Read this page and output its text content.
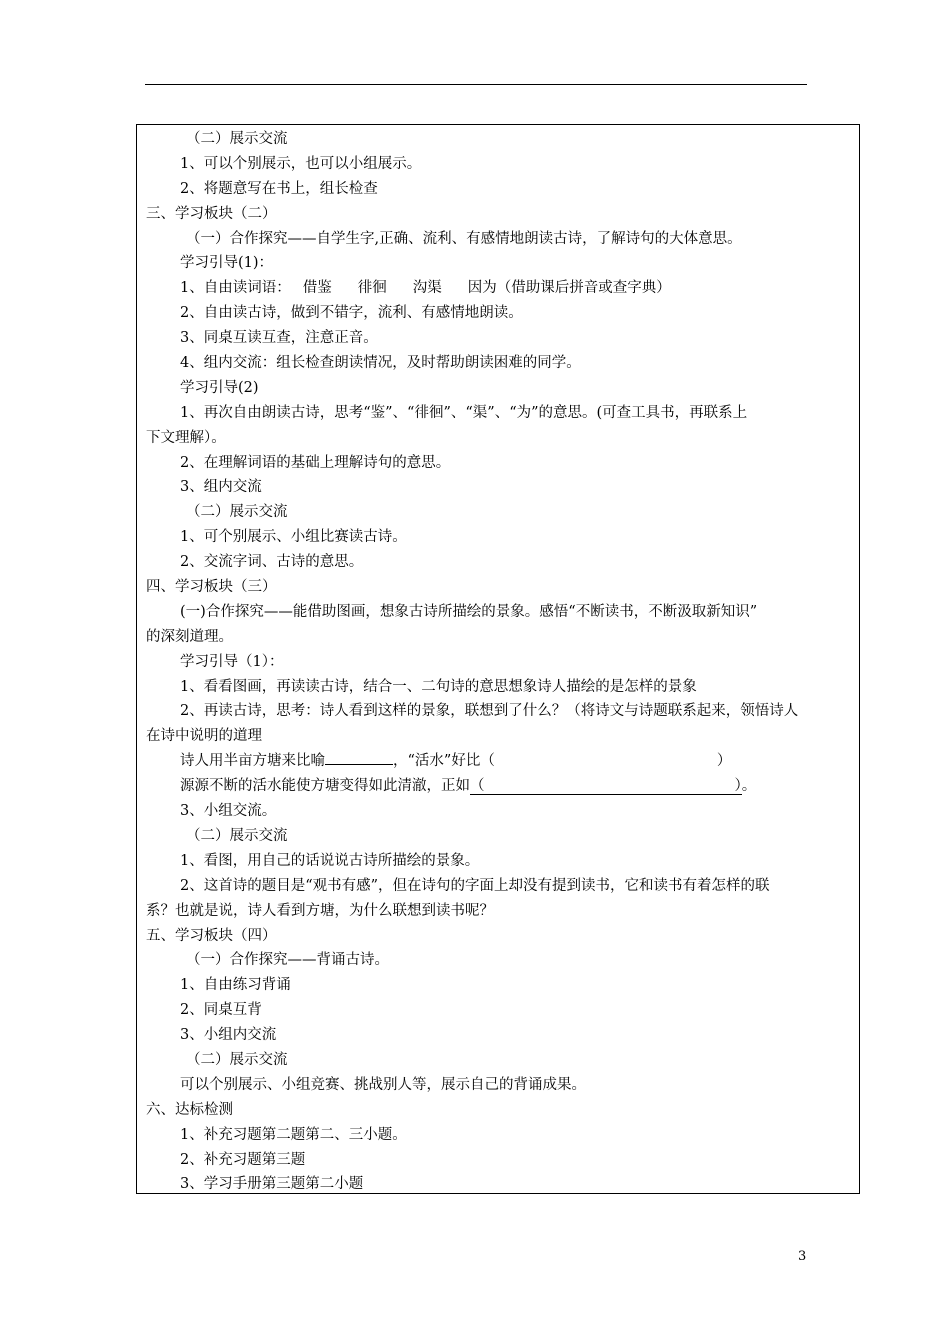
（二）展示交流
1、可以个别展示，也可以小组展示。
2、将题意写在书上，组长检查
三、学习板块（二）
（一）合作探究——自学生字,正确、流利、有感情地朗读古诗，了解诗句的大体意思。
学习引导(1)：
1、自由读词语： 借鉴 徘徊 沟渠 因为（借助课后拼音或查字典）
2、自由读古诗，做到不错字，流利、有感情地朗读。
3、同桌互读互查，注意正音。
4、组内交流：组长检查朗读情况，及时帮助朗读困难的同学。
学习引导(2)
1、再次自由朗读古诗，思考“鉴”、“徘徊”、“渠”、“为”的意思。(可查工具书，再联系上
下文理解）。
2、在理解词语的基础上理解诗句的意思。
3、组内交流
（二）展示交流
1、可个别展示、小组比赛读古诗。
2、交流字词、古诗的意思。
四、学习板块（三）
(一)合作探究——能借助图画，想象古诗所描绘的景象。感悟“不断读书，不断汲取新知识”
的深刻道理。
学习引导（1）：
1、看看图画，再读读古诗，结合一、二句诗的意思想象诗人描绘的是怎样的景象
2、再读古诗，思考：诗人看到这样的景象，联想到了什么？（将诗文与诗题联系起来，领悟诗人
在诗中说明的道理
诗人用半亩方塘来比喻	，“活水”好比（	）
源源不断的活水能使方塘变得如此清澈，正如（	）。
3、小组交流。
（二）展示交流
1、看图，用自己的话说说古诗所描绘的景象。
2、这首诗的题目是“观书有感”，但在诗句的字面上却没有提到读书，它和读书有着怎样的联
系？也就是说，诗人看到方塘，为什么联想到读书呢？
五、学习板块（四）
（一）合作探究——背诵古诗。
1、自由练习背诵
2、同桌互背
3、小组内交流
（二）展示交流
可以个别展示、小组竞赛、挑战别人等，展示自己的背诵成果。
六、达标检测
1、补充习题第二题第二、三小题。
2、补充习题第三题
3、学习手册第三题第二小题
3
